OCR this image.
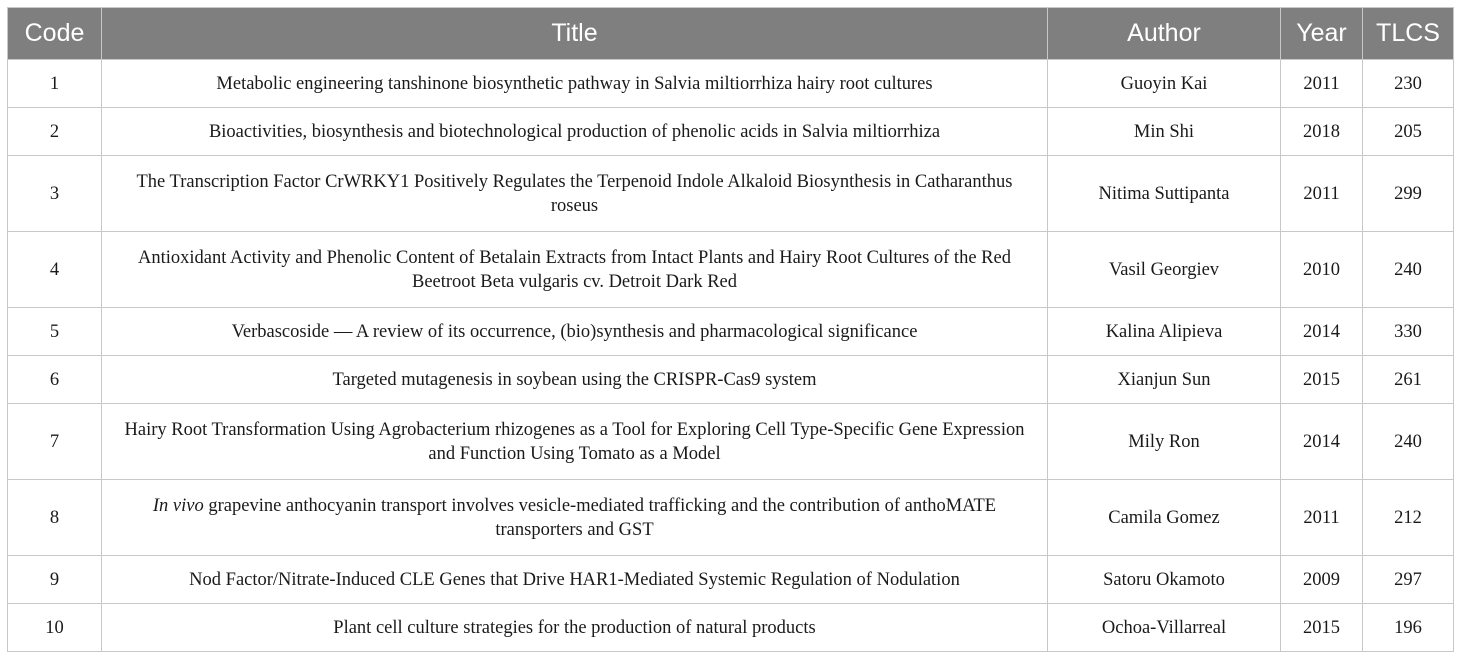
Code	Title	Author	Year	TLCS
1	Metabolic engineering tanshinone biosynthetic pathway in Salvia miltiorrhiza hairy root cultures	Guoyin Kai	2011	230
2	Bioactivities, biosynthesis and biotechnological production of phenolic acids in Salvia miltiorrhiza	Min Shi	2018	205
3	The Transcription Factor CrWRKY1 Positively Regulates the Terpenoid Indole Alkaloid Biosynthesis in Catharanthus roseus	Nitima Suttipanta	2011	299
4	Antioxidant Activity and Phenolic Content of Betalain Extracts from Intact Plants and Hairy Root Cultures of the Red Beetroot Beta vulgaris cv. Detroit Dark Red	Vasil Georgiev	2010	240
5	Verbascoside — A review of its occurrence, (bio)synthesis and pharmacological significance	Kalina Alipieva	2014	330
6	Targeted mutagenesis in soybean using the CRISPR-Cas9 system	Xianjun Sun	2015	261
7	Hairy Root Transformation Using Agrobacterium rhizogenes as a Tool for Exploring Cell Type-Specific Gene Expression and Function Using Tomato as a Model	Mily Ron	2014	240
8	In vivo grapevine anthocyanin transport involves vesicle-mediated trafficking and the contribution of anthoMATE transporters and GST	Camila Gomez	2011	212
9	Nod Factor/Nitrate-Induced CLE Genes that Drive HAR1-Mediated Systemic Regulation of Nodulation	Satoru Okamoto	2009	297
10	Plant cell culture strategies for the production of natural products	Ochoa-Villarreal	2015	196
